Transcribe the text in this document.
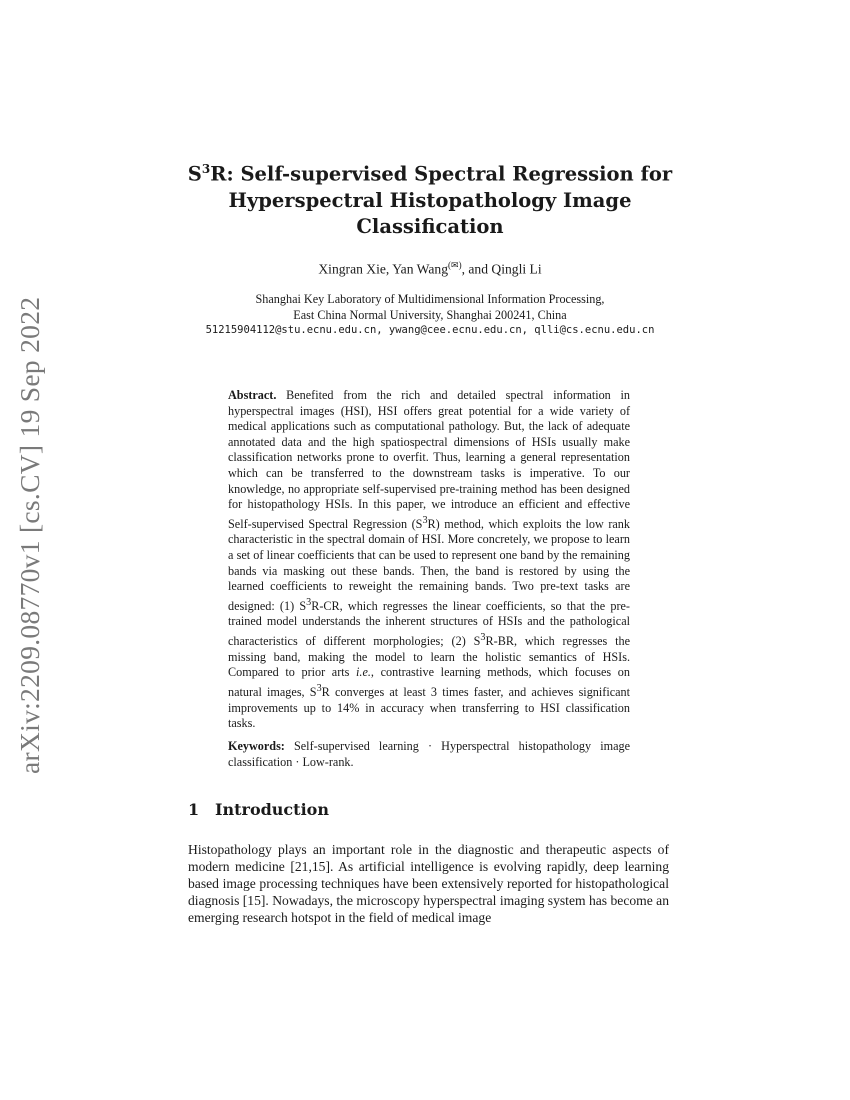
arXiv:2209.08770v1 [cs.CV] 19 Sep 2022
$S^3R$: Self-supervised Spectral Regression for Hyperspectral Histopathology Image Classification

Xingran Xie, Yan Wang(✉), and Qingli Li

Shanghai Key Laboratory of Multidimensional Information Processing,
East China Normal University, Shanghai 200241, China
51215904112@stu.ecnu.edu.cn, ywang@cee.ecnu.edu.cn, qlli@cs.ecnu.edu.cn

Abstract. Benefited from the rich and detailed spectral information in hyperspectral images (HSI), HSI offers great potential for a wide variety of medical applications such as computational pathology. But, the lack of adequate annotated data and the high spatiospectral dimensions of HSIs usually make classification networks prone to overfit. Thus, learning a general representation which can be transferred to the downstream tasks is imperative. To our knowledge, no appropriate self-supervised pre-training method has been designed for histopathology HSIs. In this paper, we introduce an efficient and effective Self-supervised Spectral Regression $(S^3R)$ method, which exploits the low rank characteristic in the spectral domain of HSI. More concretely, we propose to learn a set of linear coefficients that can be used to represent one band by the remaining bands via masking out these bands. Then, the band is restored by using the learned coefficients to reweight the remaining bands. Two pre-text tasks are designed: (1) $S^3R-CR$, which regresses the linear coefficients, so that the pre-trained model understands the inherent structures of HSIs and the pathological characteristics of different morphologies; (2) $S^3R-BR$, which regresses the missing band, making the model to learn the holistic semantics of HSIs. Compared to prior arts i.e., contrastive learning methods, which focuses on natural images, $S^3R$ converges at least 3 times faster, and achieves significant improvements up to 14% in accuracy when transferring to HSI classification tasks.

Keywords: Self-supervised learning · Hyperspectral histopathology image classification · Low-rank.

1 Introduction

Histopathology plays an important role in the diagnostic and therapeutic aspects of modern medicine [21,15]. As artificial intelligence is evolving rapidly, deep learning based image processing techniques have been extensively reported for histopathological diagnosis [15]. Nowadays, the microscopy hyperspectral imaging system has become an emerging research hotspot in the field of medical image
